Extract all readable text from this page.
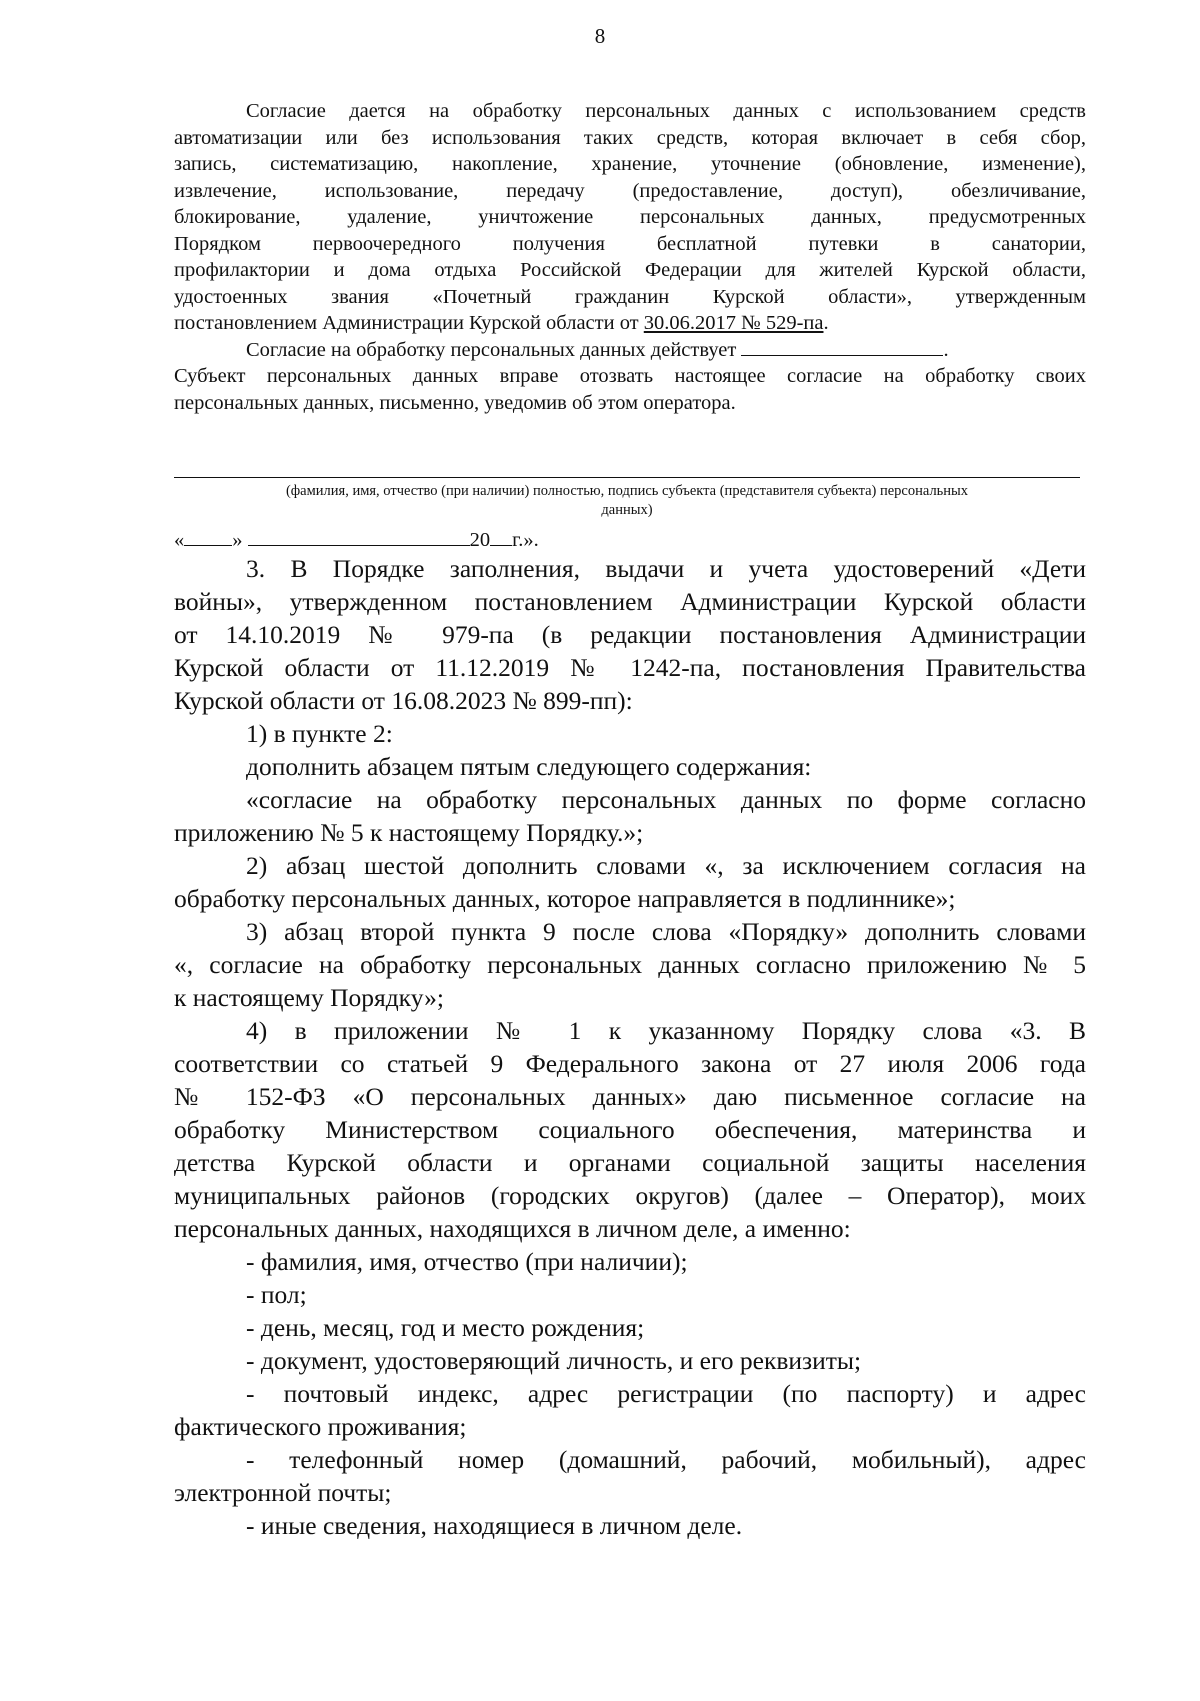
8

Согласие дается на обработку персональных данных с использованием средств

автоматизации или без использования таких средств, которая включает в себя сбор,

запись, систематизацию, накопление, хранение, уточнение (обновление, изменение),

извлечение, использование, передачу (предоставление, доступ), обезличивание,

блокирование, удаление, уничтожение персональных данных, предусмотренных

Порядком первоочередного получения бесплатной путевки в санатории,

профилактории и дома отдыха Российской Федерации для жителей Курской области,

удостоенных звания «Почетный гражданин Курской области», утвержденным

постановлением Администрации Курской области от 30.06.2017 № 529-па.

Согласие на обработку персональных данных действует	.

Субъект персональных данных вправе отозвать настоящее согласие на обработку своих

персональных данных, письменно, уведомив об этом оператора.

(фамилия, имя, отчество (при наличии) полностью, подпись субъекта (представителя субъекта) персональных
данных)
« »	20 г.».

3. В Порядке заполнения, выдачи и учета удостоверений «Дети

войны», утвержденном постановлением Администрации Курской области

от 14.10.2019 № 979-па (в редакции постановления Администрации

Курской области от 11.12.2019 № 1242-па, постановления Правительства

Курской области от 16.08.2023 № 899-пп):

1) в пункте 2:

дополнить абзацем пятым следующего содержания:

«согласие на обработку персональных данных по форме согласно

приложению № 5 к настоящему Порядку.»;

2) абзац шестой дополнить словами «, за исключением согласия на

обработку персональных данных, которое направляется в подлиннике»;

3) абзац второй пункта 9 после слова «Порядку» дополнить словами

«, согласие на обработку персональных данных согласно приложению № 5

к настоящему Порядку»;

4) в приложении № 1 к указанному Порядку слова «3. В

соответствии со статьей 9 Федерального закона от 27 июля 2006 года

№ 152-ФЗ «О персональных данных» даю письменное согласие на

обработку Министерством социального обеспечения, материнства и

детства Курской области и органами социальной защиты населения

муниципальных районов (городских округов) (далее – Оператор), моих

персональных данных, находящихся в личном деле, а именно:

- фамилия, имя, отчество (при наличии);

- пол;

- день, месяц, год и место рождения;

- документ, удостоверяющий личность, и его реквизиты;

- почтовый индекс, адрес регистрации (по паспорту) и адрес

фактического проживания;

- телефонный номер (домашний, рабочий, мобильный), адрес

электронной почты;

- иные сведения, находящиеся в личном деле.
